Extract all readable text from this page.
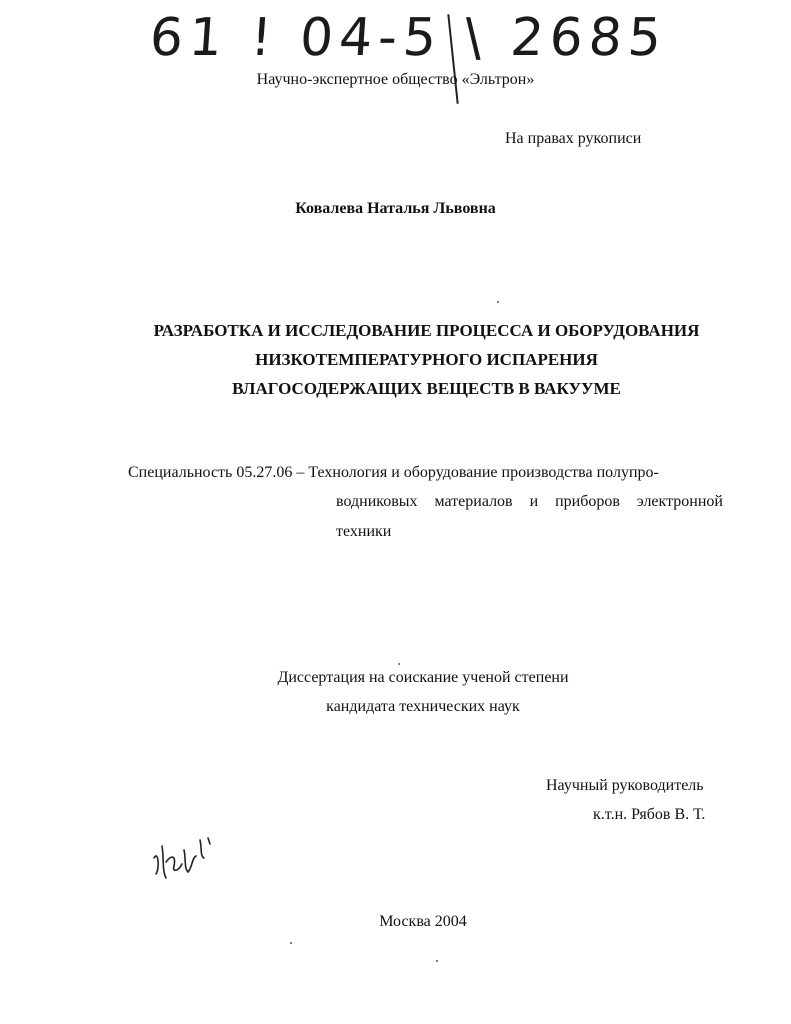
61 ! 04-5 \ 2685
Научно-экспертное общество «Эльтрон»
На правах рукописи
Ковалева Наталья Львовна
РАЗРАБОТКА И ИССЛЕДОВАНИЕ ПРОЦЕССА И ОБОРУДОВАНИЯ
НИЗКОТЕМПЕРАТУРНОГО ИСПАРЕНИЯ
ВЛАГОСОДЕРЖАЩИХ ВЕЩЕСТВ В ВАКУУМЕ
Специальность 05.27.06 – Технология и оборудование производства полупро-
водниковых материалов и приборов электронной
техники
Диссертация на соискание ученой степени
кандидата технических наук
Научный руководитель
к.т.н. Рябов В. Т.
Москва 2004
